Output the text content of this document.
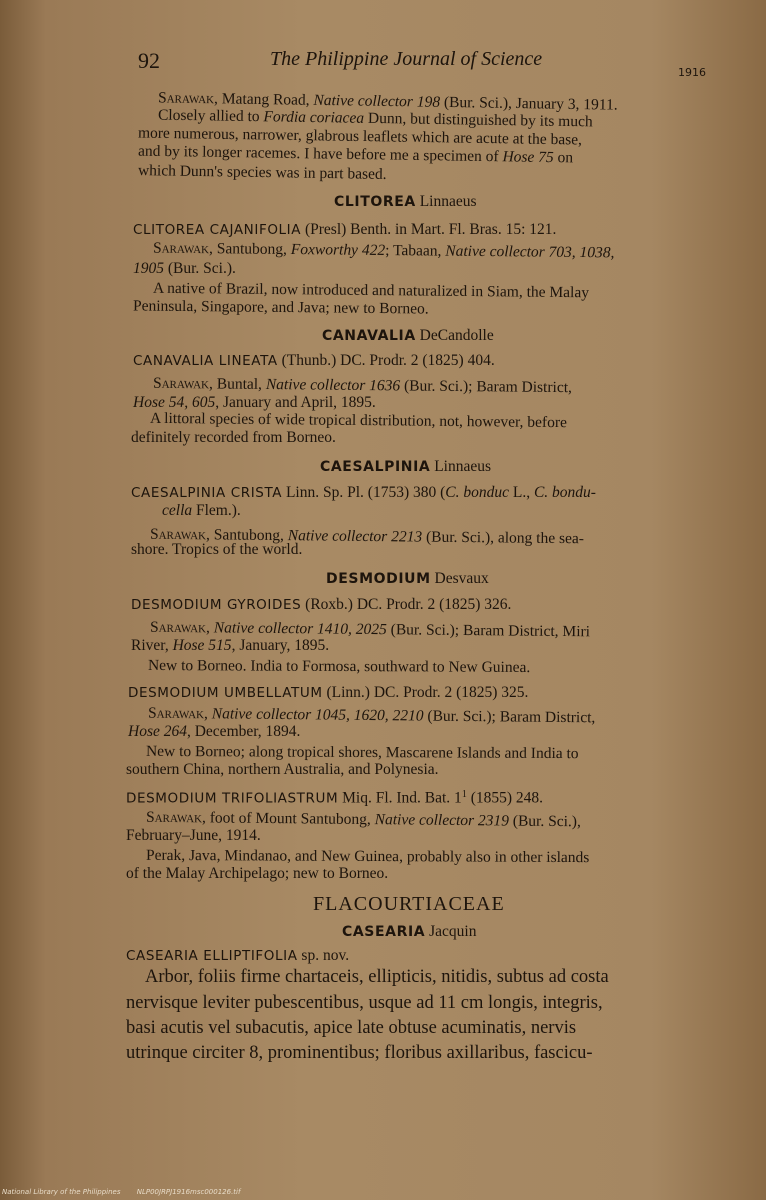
92	The Philippine Journal of Science
1916
Sarawak, Matang Road, Native collector 198 (Bur. Sci.), January 3, 1911.
Closely allied to Fordia coriacea Dunn, but distinguished by its much
more numerous, narrower, glabrous leaflets which are acute at the base,
and by its longer racemes. I have before me a specimen of Hose 75 on
which Dunn's species was in part based.
CLITOREA Linnaeus
CLITOREA CAJANIFOLIA (Presl) Benth. in Mart. Fl. Bras. 15: 121.
Sarawak, Santubong, Foxworthy 422; Tabaan, Native collector 703, 1038,
1905 (Bur. Sci.).
A native of Brazil, now introduced and naturalized in Siam, the Malay
Peninsula, Singapore, and Java; new to Borneo.
CANAVALIA DeCandolle
CANAVALIA LINEATA (Thunb.) DC. Prodr. 2 (1825) 404.
Sarawak, Buntal, Native collector 1636 (Bur. Sci.); Baram District,
Hose 54, 605, January and April, 1895.
A littoral species of wide tropical distribution, not, however, before
definitely recorded from Borneo.
CAESALPINIA Linnaeus
CAESALPINIA CRISTA Linn. Sp. Pl. (1753) 380 (C. bonduc L., C. bondu-
cella Flem.).
Sarawak, Santubong, Native collector 2213 (Bur. Sci.), along the sea-
shore. Tropics of the world.
DESMODIUM Desvaux
DESMODIUM GYROIDES (Roxb.) DC. Prodr. 2 (1825) 326.
Sarawak, Native collector 1410, 2025 (Bur. Sci.); Baram District, Miri
River, Hose 515, January, 1895.
New to Borneo. India to Formosa, southward to New Guinea.
DESMODIUM UMBELLATUM (Linn.) DC. Prodr. 2 (1825) 325.
Sarawak, Native collector 1045, 1620, 2210 (Bur. Sci.); Baram District,
Hose 264, December, 1894.
New to Borneo; along tropical shores, Mascarene Islands and India to
southern China, northern Australia, and Polynesia.
DESMODIUM TRIFOLIASTRUM Miq. Fl. Ind. Bat. $1^1$ (1855) 248.
Sarawak, foot of Mount Santubong, Native collector 2319 (Bur. Sci.),
February–June, 1914.
Perak, Java, Mindanao, and New Guinea, probably also in other islands
of the Malay Archipelago; new to Borneo.
FLACOURTIACEAE
CASEARIA Jacquin
CASEARIA ELLIPTIFOLIA sp. nov.
Arbor, foliis firme chartaceis, ellipticis, nitidis, subtus ad costa
nervisque leviter pubescentibus, usque ad 11 cm longis, integris,
basi acutis vel subacutis, apice late obtuse acuminatis, nervis
utrinque circiter 8, prominentibus; floribus axillaribus, fascicu-
National Library of the Philippines NLP00JRPJ1916msc000126.tif
